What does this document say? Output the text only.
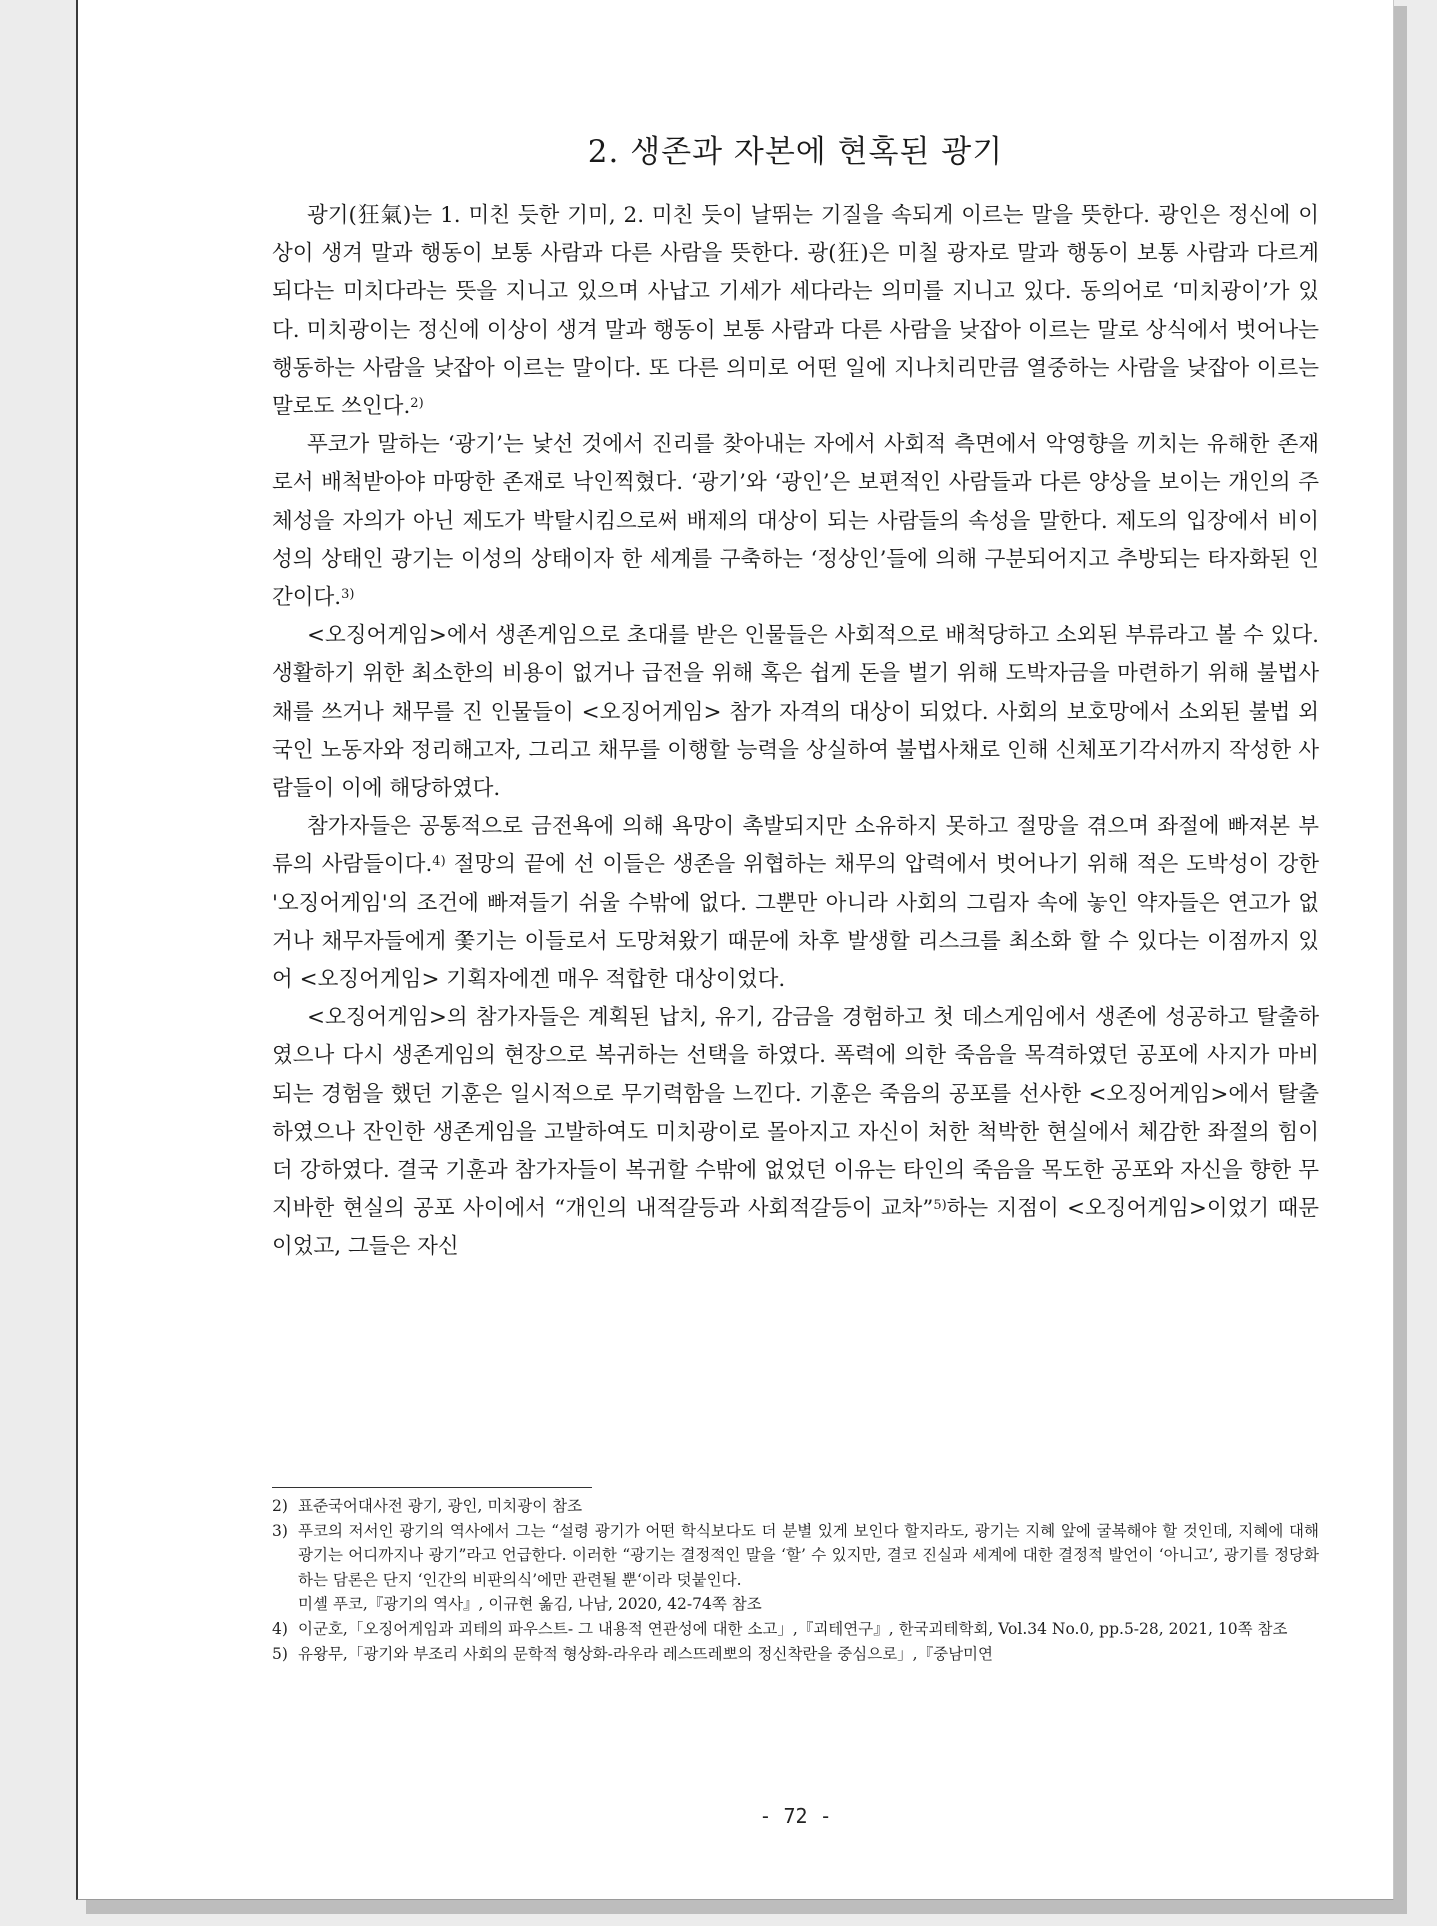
2. 생존과 자본에 현혹된 광기

광기(狂氣)는 1. 미친 듯한 기미, 2. 미친 듯이 날뛰는 기질을 속되게 이르는 말을 뜻한다. 광인은 정신에 이상이 생겨 말과 행동이 보통 사람과 다른 사람을 뜻한다. 광(狂)은 미칠 광자로 말과 행동이 보통 사람과 다르게 되다는 미치다라는 뜻을 지니고 있으며 사납고 기세가 세다라는 의미를 지니고 있다. 동의어로 ‘미치광이’가 있다. 미치광이는 정신에 이상이 생겨 말과 행동이 보통 사람과 다른 사람을 낮잡아 이르는 말로 상식에서 벗어나는 행동하는 사람을 낮잡아 이르는 말이다. 또 다른 의미로 어떤 일에 지나치리만큼 열중하는 사람을 낮잡아 이르는 말로도 쓰인다.$^{2)}$

푸코가 말하는 ‘광기’는 낯선 것에서 진리를 찾아내는 자에서 사회적 측면에서 악영향을 끼치는 유해한 존재로서 배척받아야 마땅한 존재로 낙인찍혔다. ‘광기’와 ‘광인’은 보편적인 사람들과 다른 양상을 보이는 개인의 주체성을 자의가 아닌 제도가 박탈시킴으로써 배제의 대상이 되는 사람들의 속성을 말한다. 제도의 입장에서 비이성의 상태인 광기는 이성의 상태이자 한 세계를 구축하는 ‘정상인’들에 의해 구분되어지고 추방되는 타자화된 인간이다.$^{3)}$

<오징어게임>에서 생존게임으로 초대를 받은 인물들은 사회적으로 배척당하고 소외된 부류라고 볼 수 있다. 생활하기 위한 최소한의 비용이 없거나 급전을 위해 혹은 쉽게 돈을 벌기 위해 도박자금을 마련하기 위해 불법사채를 쓰거나 채무를 진 인물들이 <오징어게임> 참가 자격의 대상이 되었다. 사회의 보호망에서 소외된 불법 외국인 노동자와 정리해고자, 그리고 채무를 이행할 능력을 상실하여 불법사채로 인해 신체포기각서까지 작성한 사람들이 이에 해당하였다.

참가자들은 공통적으로 금전욕에 의해 욕망이 촉발되지만 소유하지 못하고 절망을 겪으며 좌절에 빠져본 부류의 사람들이다.$^{4)}$ 절망의 끝에 선 이들은 생존을 위협하는 채무의 압력에서 벗어나기 위해 적은 도박성이 강한 '오징어게임'의 조건에 빠져들기 쉬울 수밖에 없다. 그뿐만 아니라 사회의 그림자 속에 놓인 약자들은 연고가 없거나 채무자들에게 쫓기는 이들로서 도망쳐왔기 때문에 차후 발생할 리스크를 최소화 할 수 있다는 이점까지 있어 <오징어게임> 기획자에겐 매우 적합한 대상이었다.

<오징어게임>의 참가자들은 계획된 납치, 유기, 감금을 경험하고 첫 데스게임에서 생존에 성공하고 탈출하였으나 다시 생존게임의 현장으로 복귀하는 선택을 하였다. 폭력에 의한 죽음을 목격하였던 공포에 사지가 마비되는 경험을 했던 기훈은 일시적으로 무기력함을 느낀다. 기훈은 죽음의 공포를 선사한 <오징어게임>에서 탈출하였으나 잔인한 생존게임을 고발하여도 미치광이로 몰아지고 자신이 처한 척박한 현실에서 체감한 좌절의 힘이 더 강하였다. 결국 기훈과 참가자들이 복귀할 수밖에 없었던 이유는 타인의 죽음을 목도한 공포와 자신을 향한 무지바한 현실의 공포 사이에서 “개인의 내적갈등과 사회적갈등이 교차”$^{5)}$하는 지점이 <오징어게임>이었기 때문이었고, 그들은 자신

2) 표준국어대사전 광기, 광인, 미치광이 참조
3) 푸코의 저서인 광기의 역사에서 그는 “설령 광기가 어떤 학식보다도 더 분별 있게 보인다 할지라도, 광기는 지혜 앞에 굴복해야 할 것인데, 지혜에 대해 광기는 어디까지나 광기”라고 언급한다. 이러한 “광기는 결정적인 말을 ‘할’ 수 있지만, 결코 진실과 세계에 대한 결정적 발언이 ‘아니고’, 광기를 정당화하는 담론은 단지 ‘인간의 비판의식’에만 관련될 뿐‘이라 덧붙인다.
미셸 푸코,『광기의 역사』, 이규현 옮김, 나남, 2020, 42-74쪽 참조
4) 이군호,「오징어게임과 괴테의 파우스트- 그 내용적 연관성에 대한 소고」,『괴테연구』, 한국괴테학회, Vol.34 No.0, pp.5-28, 2021, 10쪽 참조
5) 유왕무,「광기와 부조리 사회의 문학적 형상화-라우라 레스뜨레뽀의 정신착란을 중심으로」,『중남미연
- 72 -
